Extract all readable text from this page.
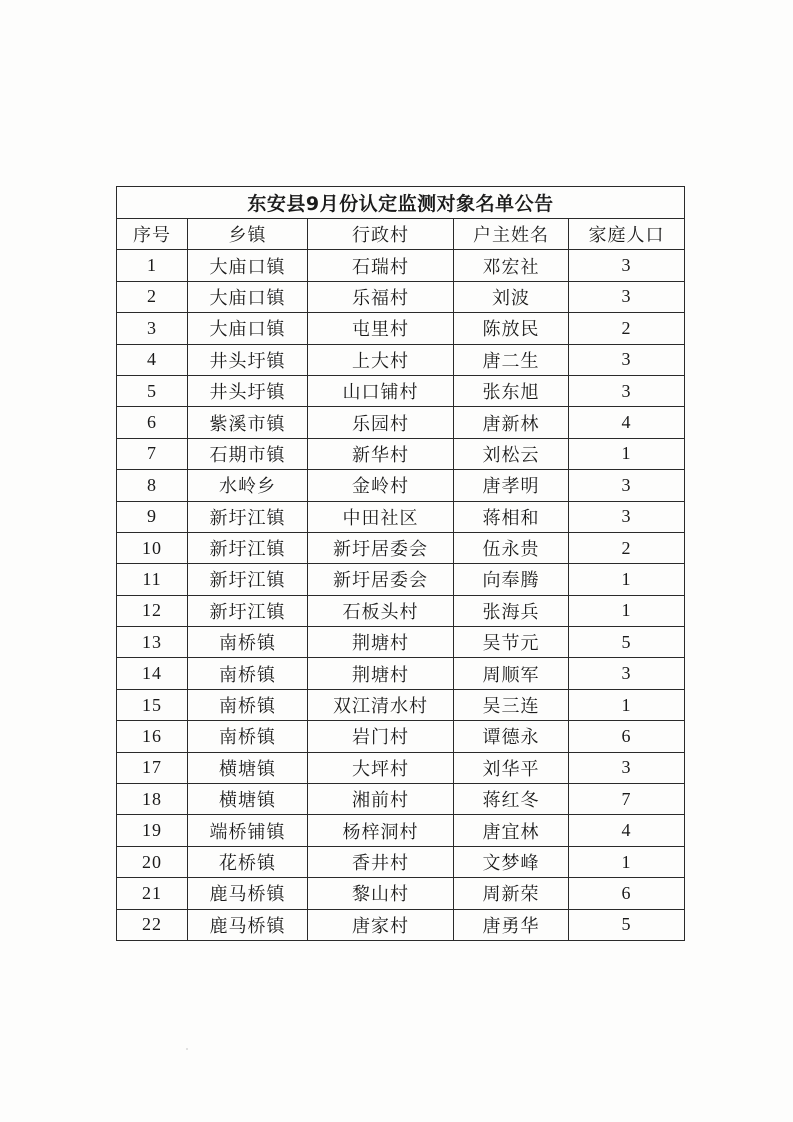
东安县9月份认定监测对象名单公告				
序号	乡镇	行政村	户主姓名	家庭人口
1	大庙口镇	石瑞村	邓宏社	3
2	大庙口镇	乐福村	刘波	3
3	大庙口镇	屯里村	陈放民	2
4	井头圩镇	上大村	唐二生	3
5	井头圩镇	山口铺村	张东旭	3
6	紫溪市镇	乐园村	唐新林	4
7	石期市镇	新华村	刘松云	1
8	水岭乡	金岭村	唐孝明	3
9	新圩江镇	中田社区	蒋相和	3
10	新圩江镇	新圩居委会	伍永贵	2
11	新圩江镇	新圩居委会	向奉腾	1
12	新圩江镇	石板头村	张海兵	1
13	南桥镇	荆塘村	吴节元	5
14	南桥镇	荆塘村	周顺军	3
15	南桥镇	双江清水村	吴三连	1
16	南桥镇	岩门村	谭德永	6
17	横塘镇	大坪村	刘华平	3
18	横塘镇	湘前村	蒋红冬	7
19	端桥铺镇	杨梓洞村	唐宜林	4
20	花桥镇	香井村	文梦峰	1
21	鹿马桥镇	黎山村	周新荣	6
22	鹿马桥镇	唐家村	唐勇华	5
